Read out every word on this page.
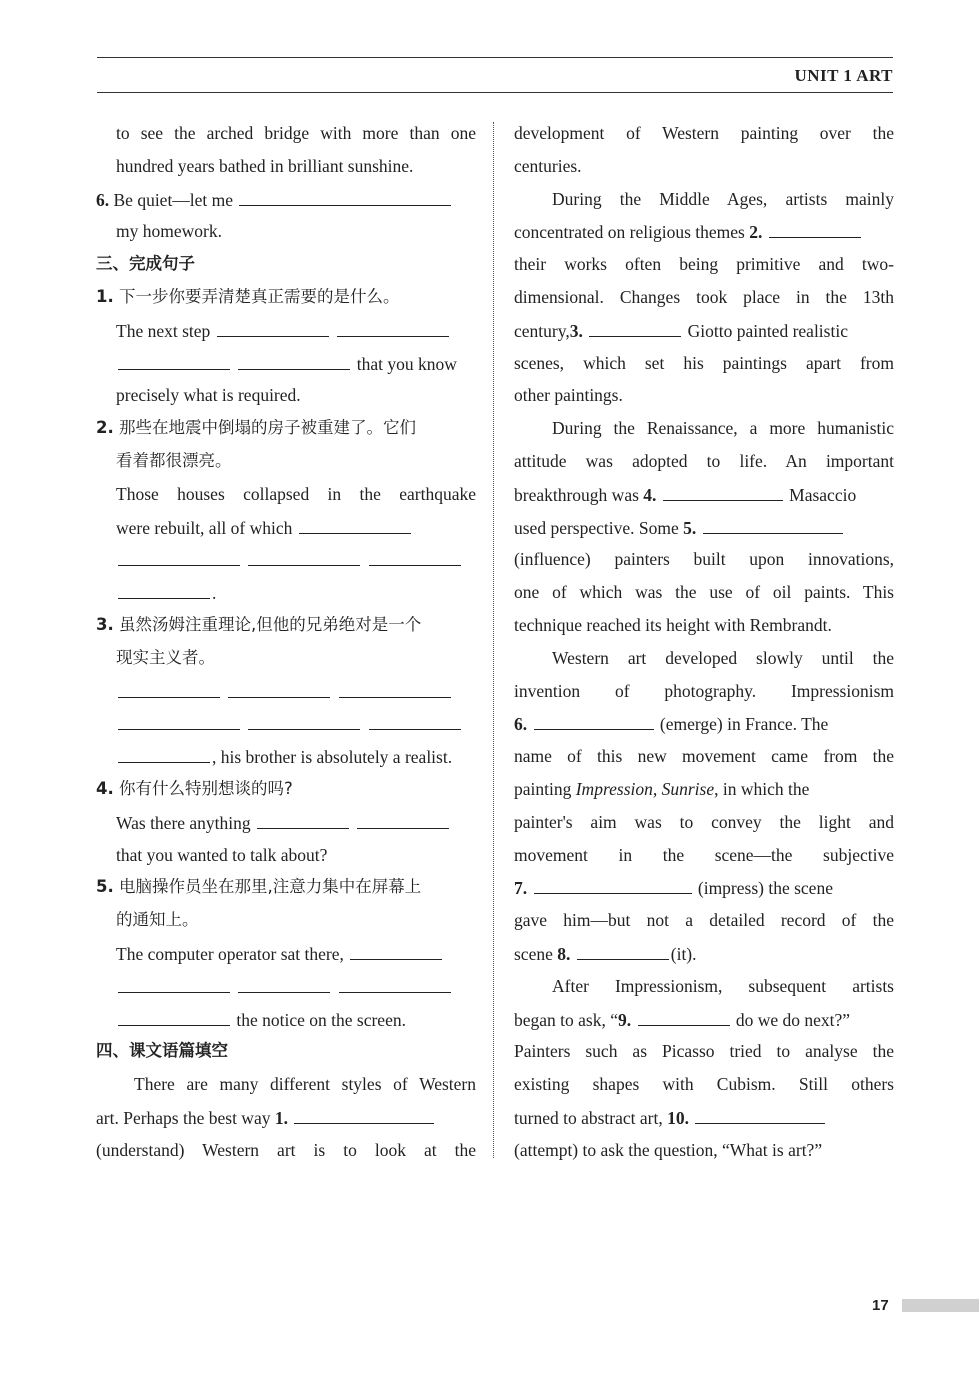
UNIT 1 ART
to see the arched bridge with more than one
hundred years bathed in brilliant sunshine.
6. Be quiet—let me
my homework.
三、完成句子
1. 下一步你要弄清楚真正需要的是什么。
The next step
that you know
precisely what is required.
2. 那些在地震中倒塌的房子被重建了。它们
看着都很漂亮。
Those houses collapsed in the earthquake
were rebuilt, all of which

.
3. 虽然汤姆注重理论,但他的兄弟绝对是一个
现实主义者。

, his brother is absolutely a realist.
4. 你有什么特别想谈的吗?
Was there anything
that you wanted to talk about?
5. 电脑操作员坐在那里,注意力集中在屏幕上
的通知上。
The computer operator sat there,

the notice on the screen.
四、课文语篇填空
There are many different styles of Western
art. Perhaps the best way 1.
(understand) Western art is to look at the
development of Western painting over the
centuries.
During the Middle Ages, artists mainly
concentrated on religious themes 2.
their works often being primitive and two-
dimensional. Changes took place in the 13th
century,3.	Giotto painted realistic
scenes, which set his paintings apart from
other paintings.
During the Renaissance, a more humanistic
attitude was adopted to life. An important
breakthrough was 4.	Masaccio
used perspective. Some 5.
(influence) painters built upon innovations,
one of which was the use of oil paints. This
technique reached its height with Rembrandt.
Western art developed slowly until the
invention of photography. Impressionism
6.	(emerge) in France. The
name of this new movement came from the
painting Impression, Sunrise, in which the
painter's aim was to convey the light and
movement in the scene—the subjective
7.	(impress) the scene
gave him—but not a detailed record of the
scene 8.	(it).
After Impressionism, subsequent artists
began to ask, “9.	do we do next?”
Painters such as Picasso tried to analyse the
existing shapes with Cubism. Still others
turned to abstract art, 10.
(attempt) to ask the question, “What is art?”
17
